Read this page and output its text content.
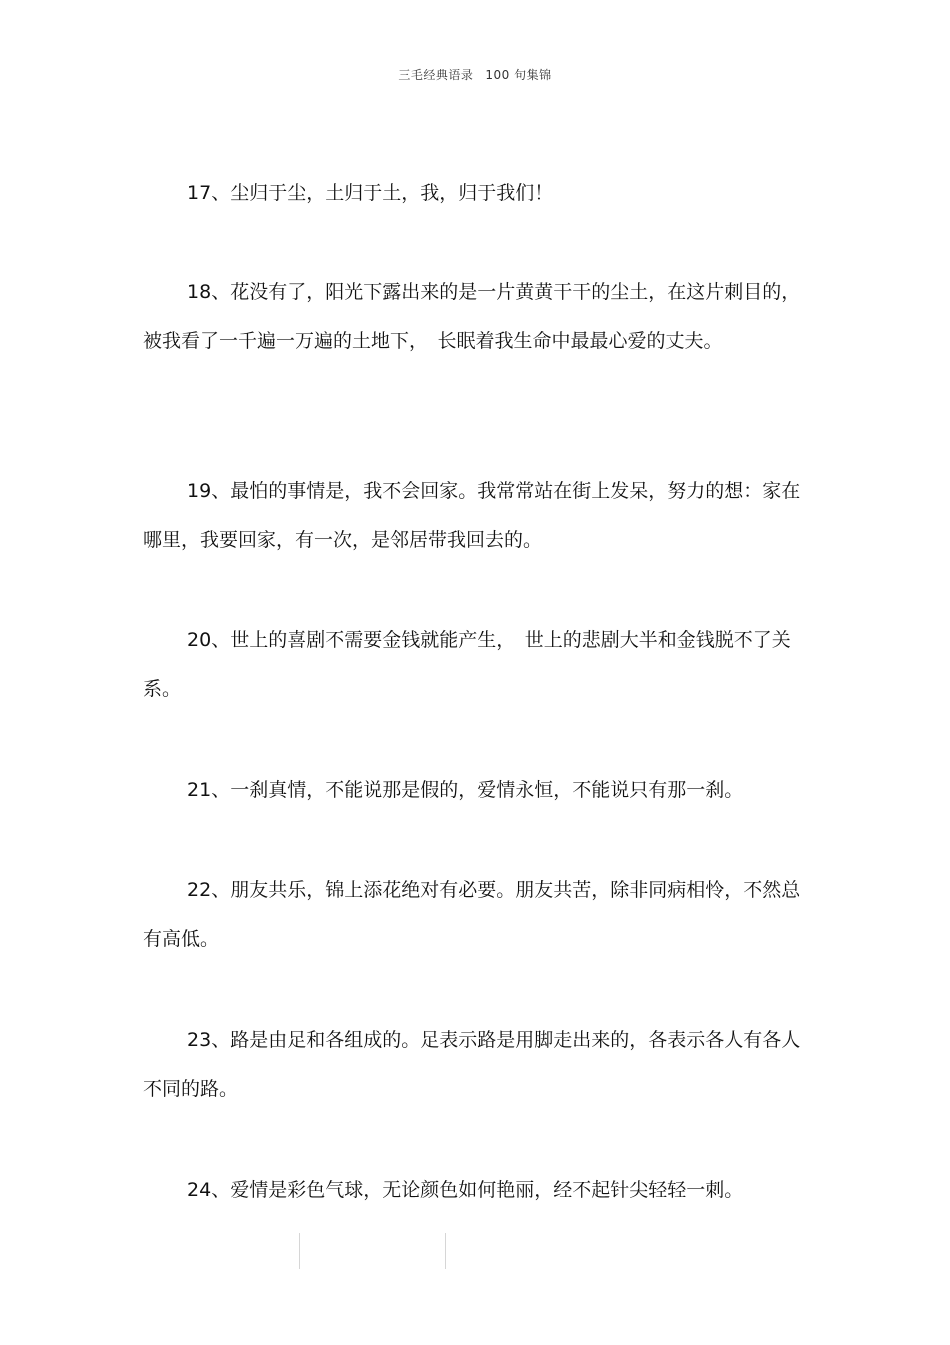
三毛经典语录 100 句集锦
17、尘归于尘，土归于土，我，归于我们！
18、花没有了，阳光下露出来的是一片黄黄干干的尘土，在这片刺目的，被我看了一千遍一万遍的土地下，　长眠着我生命中最最心爱的丈夫。
19、最怕的事情是，我不会回家。我常常站在街上发呆，努力的想：家在哪里，我要回家，有一次，是邻居带我回去的。
20、世上的喜剧不需要金钱就能产生，　世上的悲剧大半和金钱脱不了关系。
21、一刹真情，不能说那是假的，爱情永恒，不能说只有那一刹。
22、朋友共乐，锦上添花绝对有必要。朋友共苦，除非同病相怜，不然总有高低。
23、路是由足和各组成的。足表示路是用脚走出来的，各表示各人有各人不同的路。
24、爱情是彩色气球，无论颜色如何艳丽，经不起针尖轻轻一刺。
